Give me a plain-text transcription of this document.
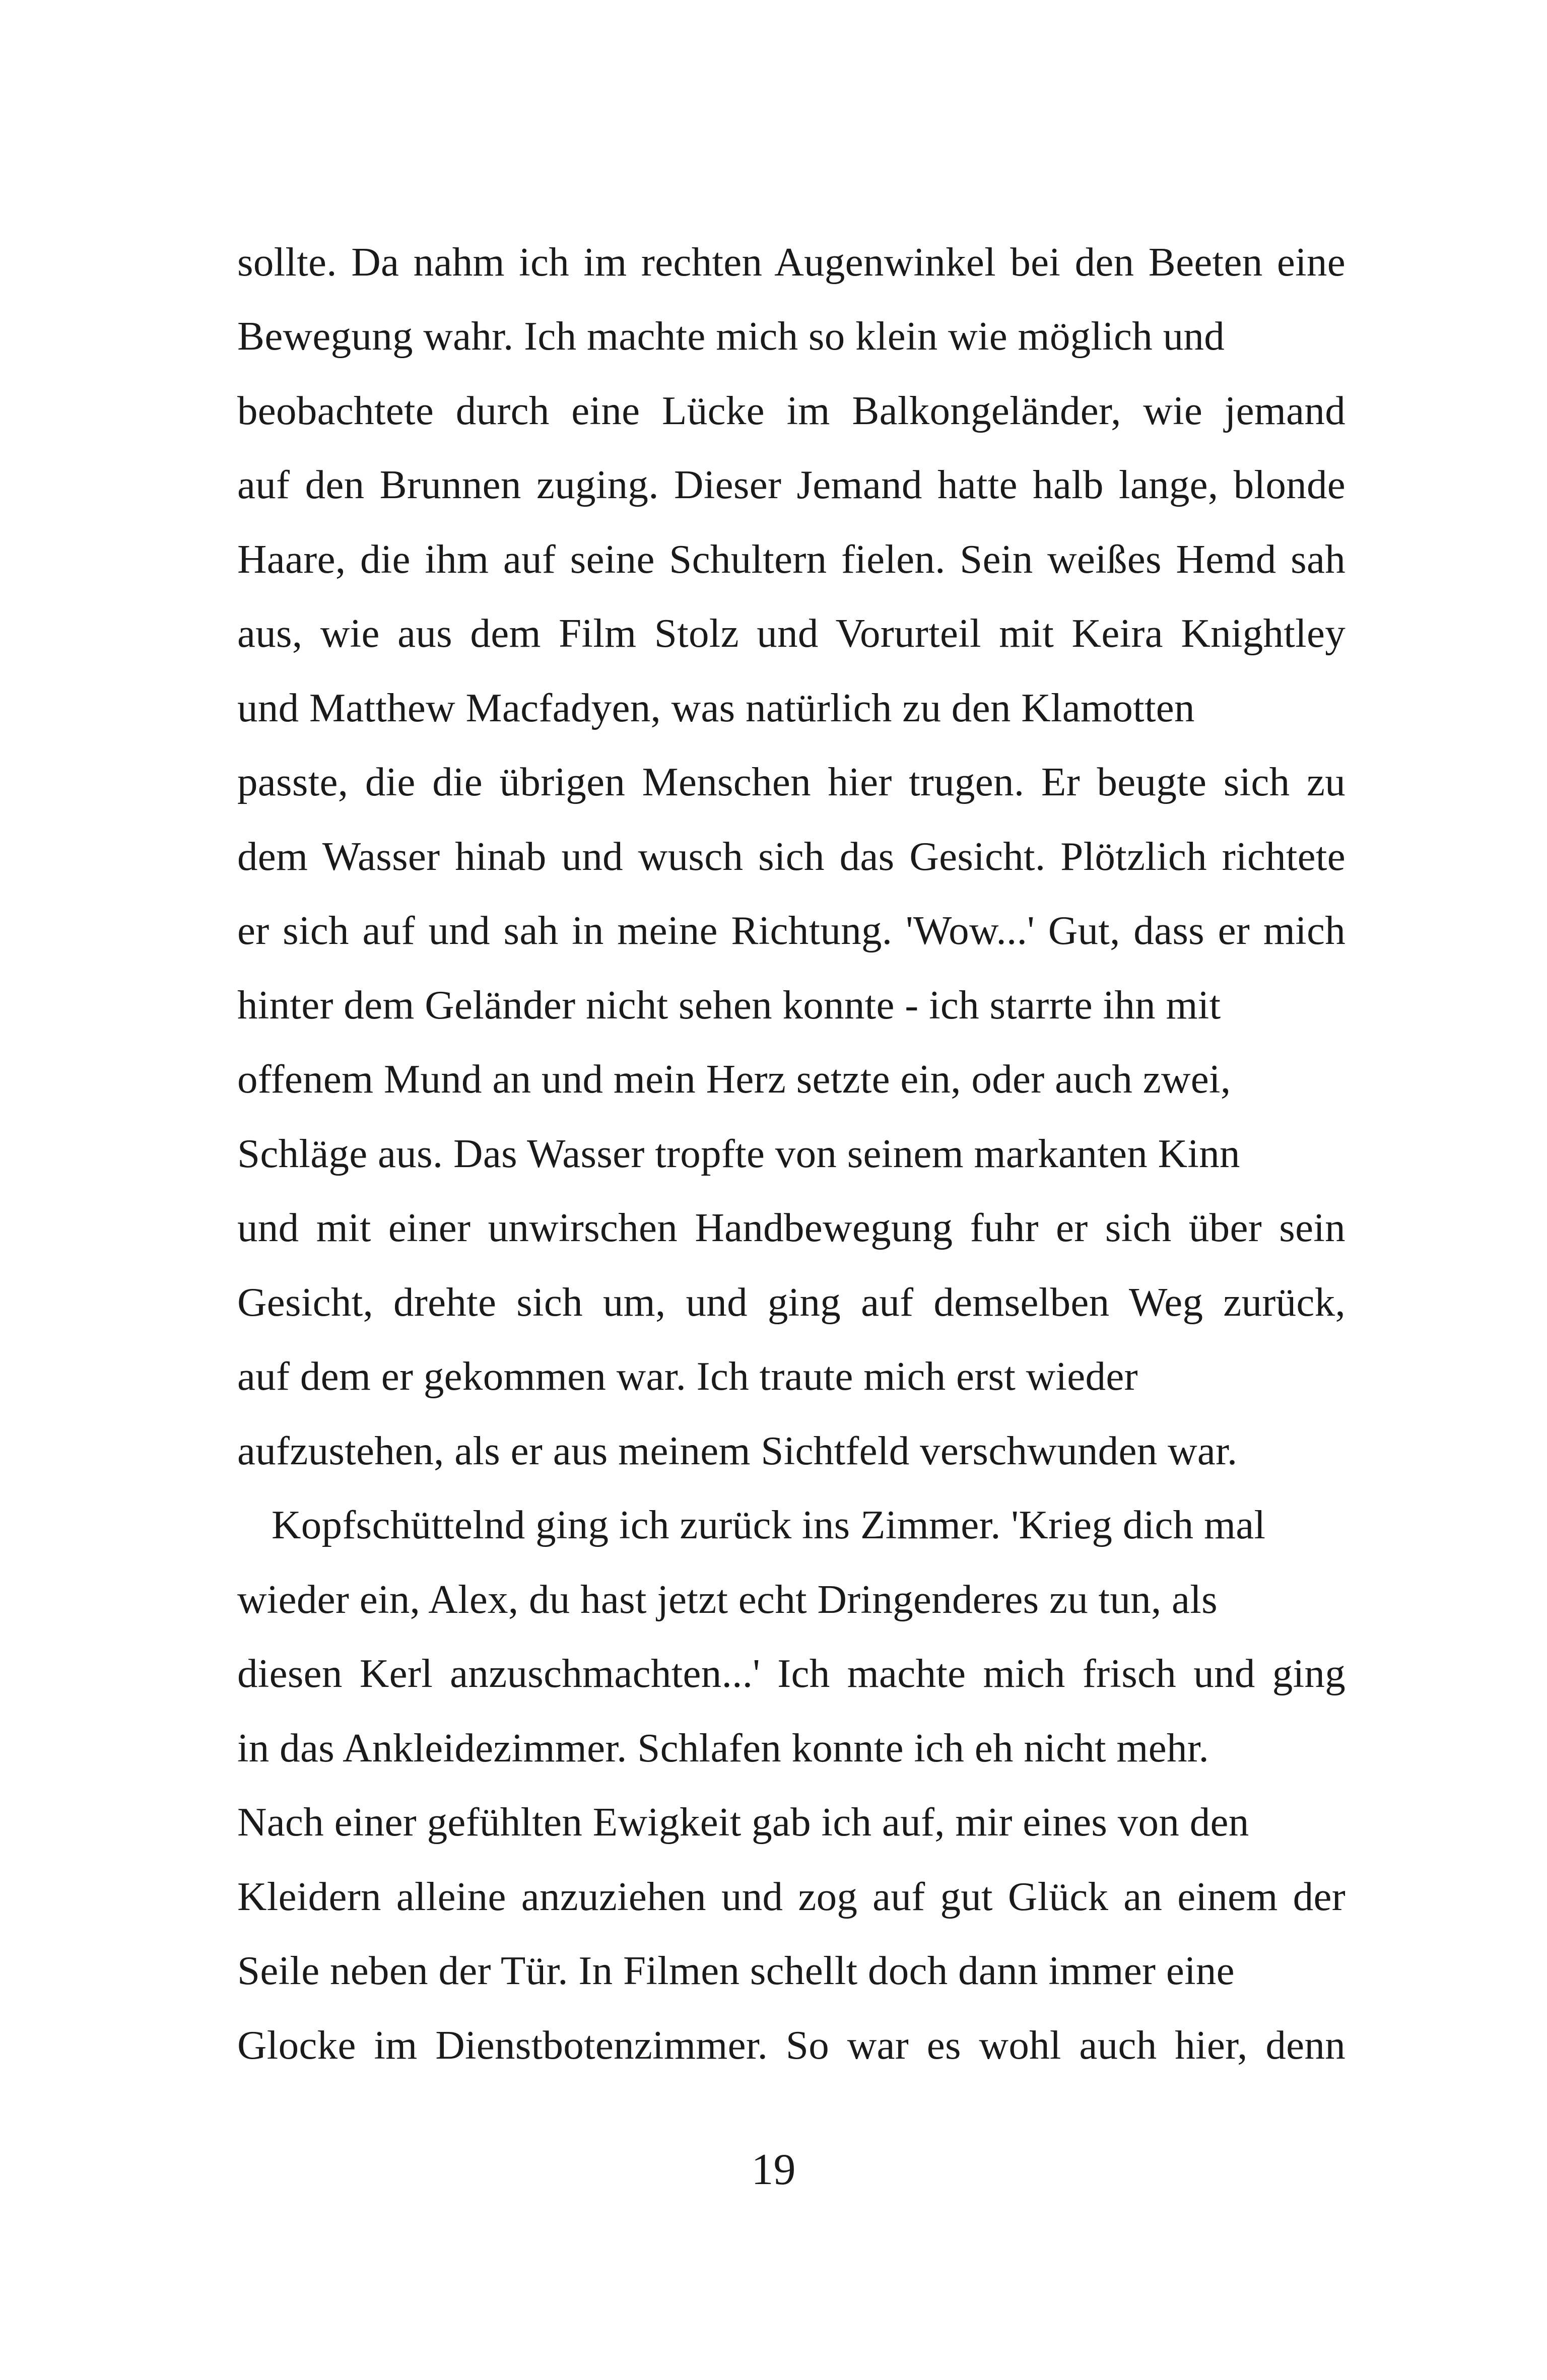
sollte. Da nahm ich im rechten Augenwinkel bei den Beeten eine
Bewegung wahr. Ich machte mich so klein wie möglich und
beobachtete durch eine Lücke im Balkongeländer, wie jemand
auf den Brunnen zuging. Dieser Jemand hatte halb lange, blonde
Haare, die ihm auf seine Schultern fielen. Sein weißes Hemd sah
aus, wie aus dem Film Stolz und Vorurteil mit Keira Knightley
und Matthew Macfadyen, was natürlich zu den Klamotten
passte, die die übrigen Menschen hier trugen. Er beugte sich zu
dem Wasser hinab und wusch sich das Gesicht. Plötzlich richtete
er sich auf und sah in meine Richtung. 'Wow...' Gut, dass er mich
hinter dem Geländer nicht sehen konnte - ich starrte ihn mit
offenem Mund an und mein Herz setzte ein, oder auch zwei,
Schläge aus. Das Wasser tropfte von seinem markanten Kinn
und mit einer unwirschen Handbewegung fuhr er sich über sein
Gesicht, drehte sich um, und ging auf demselben Weg zurück,
auf dem er gekommen war. Ich traute mich erst wieder
aufzustehen, als er aus meinem Sichtfeld verschwunden war.
Kopfschüttelnd ging ich zurück ins Zimmer. 'Krieg dich mal
wieder ein, Alex, du hast jetzt echt Dringenderes zu tun, als
diesen Kerl anzuschmachten...' Ich machte mich frisch und ging
in das Ankleidezimmer. Schlafen konnte ich eh nicht mehr.
Nach einer gefühlten Ewigkeit gab ich auf, mir eines von den
Kleidern alleine anzuziehen und zog auf gut Glück an einem der
Seile neben der Tür. In Filmen schellt doch dann immer eine
Glocke im Dienstbotenzimmer. So war es wohl auch hier, denn
19
